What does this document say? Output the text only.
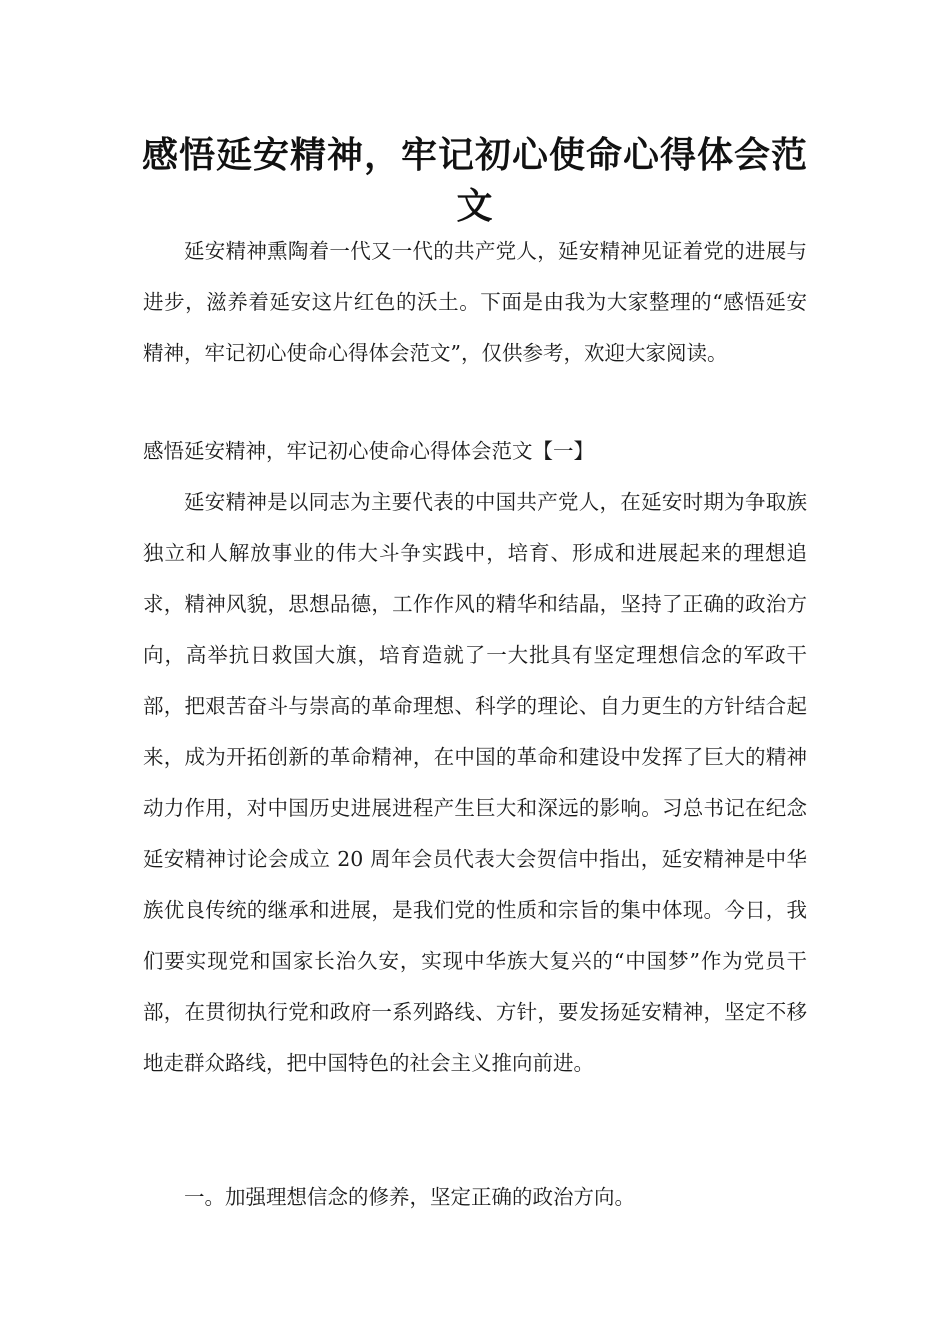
感悟延安精神，牢记初心使命心得体会范文

延安精神熏陶着一代又一代的共产党人，延安精神见证着党的进展与进步，滋养着延安这片红色的沃土。下面是由我为大家整理的“感悟延安精神，牢记初心使命心得体会范文”，仅供参考，欢迎大家阅读。

感悟延安精神，牢记初心使命心得体会范文【一】

延安精神是以同志为主要代表的中国共产党人，在延安时期为争取族独立和人解放事业的伟大斗争实践中，培育、形成和进展起来的理想追求，精神风貌，思想品德，工作作风的精华和结晶，坚持了正确的政治方向，高举抗日救国大旗，培育造就了一大批具有坚定理想信念的军政干部，把艰苦奋斗与崇高的革命理想、科学的理论、自力更生的方针结合起来，成为开拓创新的革命精神，在中国的革命和建设中发挥了巨大的精神动力作用，对中国历史进展进程产生巨大和深远的影响。习总书记在纪念延安精神讨论会成立 20 周年会员代表大会贺信中指出，延安精神是中华族优良传统的继承和进展，是我们党的性质和宗旨的集中体现。今日，我们要实现党和国家长治久安，实现中华族大复兴的“中国梦”作为党员干部，在贯彻执行党和政府一系列路线、方针，要发扬延安精神，坚定不移地走群众路线，把中国特色的社会主义推向前进。

一。加强理想信念的修养，坚定正确的政治方向。
